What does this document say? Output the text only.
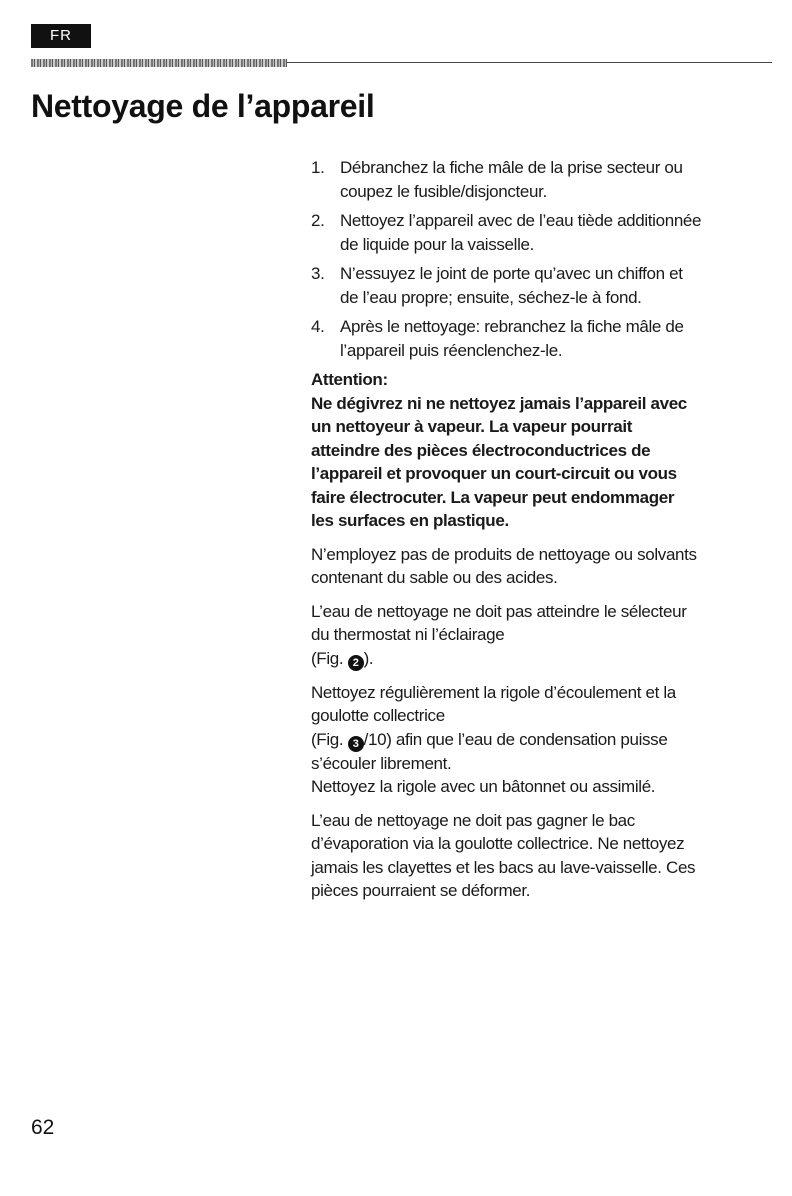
FR
Nettoyage de l’appareil
1. Débranchez la fiche mâle de la prise secteur ou
coupez le fusible/disjoncteur.
2. Nettoyez l’appareil avec de l’eau tiède additionnée
de liquide pour la vaisselle.
3. N’essuyez le joint de porte qu’avec un chiffon et
de l’eau propre; ensuite, séchez-le à fond.
4. Après le nettoyage: rebranchez la fiche mâle de
l’appareil puis réenclenchez-le.
Attention:

Ne dégivrez ni ne nettoyez jamais l’appareil avec
un nettoyeur à vapeur. La vapeur pourrait
atteindre des pièces électroconductrices de
l’appareil et provoquer un court-circuit ou vous
faire électrocuter. La vapeur peut endommager
les surfaces en plastique.

N’employez pas de produits de nettoyage ou solvants
contenant du sable ou des acides.

L’eau de nettoyage ne doit pas atteindre le sélecteur
du thermostat ni l’éclairage
(Fig. 2 ).

Nettoyez régulièrement la rigole d’écoulement et la
goulotte collectrice
(Fig. 3 /10) afin que l’eau de condensation puisse
s’écouler librement.

Nettoyez la rigole avec un bâtonnet ou assimilé.

L’eau de nettoyage ne doit pas gagner le bac
d’évaporation via la goulotte collectrice. Ne nettoyez
jamais les clayettes et les bacs au lave-vaisselle. Ces
pièces pourraient se déformer.

62
